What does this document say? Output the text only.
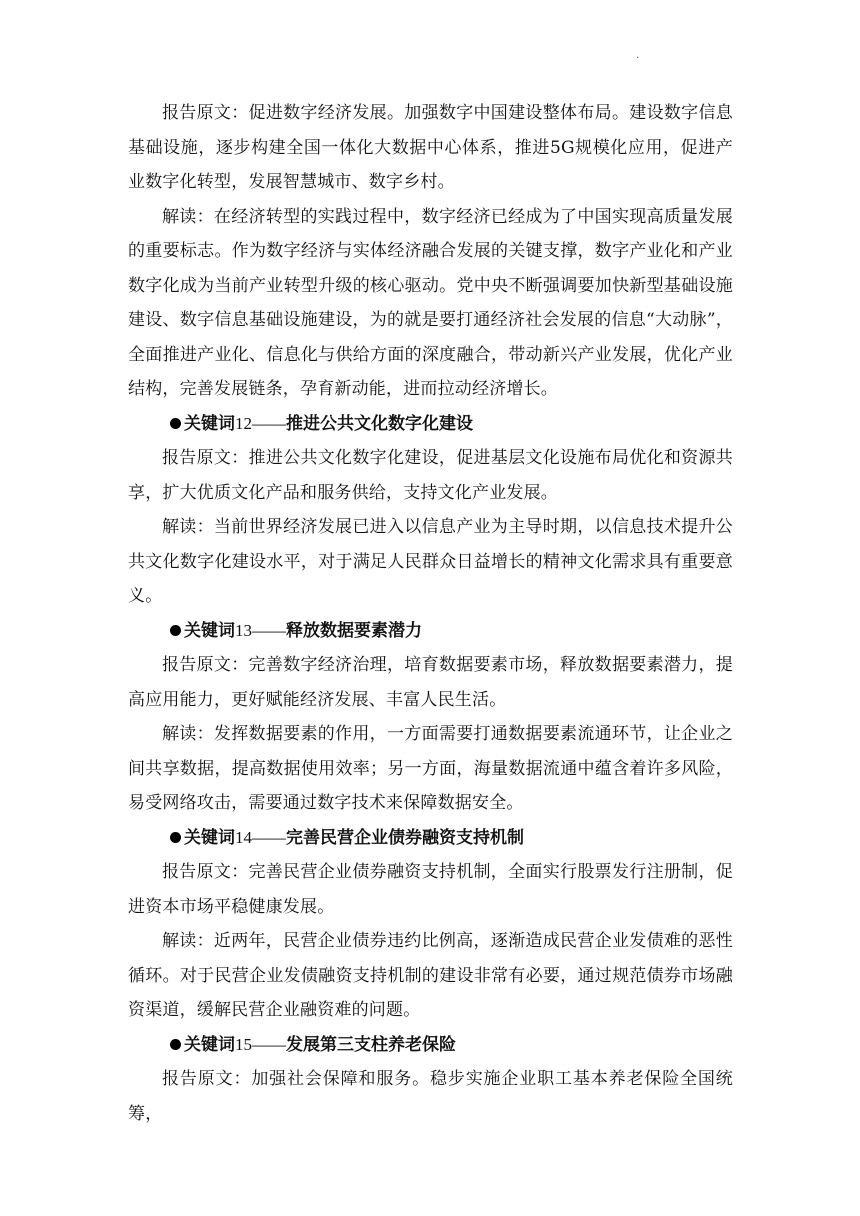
·

报告原文：促进数字经济发展。加强数字中国建设整体布局。建设数字信息基础设施，逐步构建全国一体化大数据中心体系，推进5G规模化应用，促进产业数字化转型，发展智慧城市、数字乡村。

解读：在经济转型的实践过程中，数字经济已经成为了中国实现高质量发展的重要标志。作为数字经济与实体经济融合发展的关键支撑，数字产业化和产业数字化成为当前产业转型升级的核心驱动。党中央不断强调要加快新型基础设施建设、数字信息基础设施建设，为的就是要打通经济社会发展的信息“大动脉”，全面推进产业化、信息化与供给方面的深度融合，带动新兴产业发展，优化产业结构，完善发展链条，孕育新动能，进而拉动经济增长。

关键词 12 —— 推进公共文化数字化建设

报告原文：推进公共文化数字化建设，促进基层文化设施布局优化和资源共享，扩大优质文化产品和服务供给，支持文化产业发展。

解读：当前世界经济发展已进入以信息产业为主导时期，以信息技术提升公共文化数字化建设水平，对于满足人民群众日益增长的精神文化需求具有重要意义。

关键词 13 —— 释放数据要素潜力

报告原文：完善数字经济治理，培育数据要素市场，释放数据要素潜力，提高应用能力，更好赋能经济发展、丰富人民生活。

解读：发挥数据要素的作用，一方面需要打通数据要素流通环节，让企业之间共享数据，提高数据使用效率；另一方面，海量数据流通中蕴含着许多风险，易受网络攻击，需要通过数字技术来保障数据安全。

关键词 14 —— 完善民营企业债券融资支持机制

报告原文：完善民营企业债券融资支持机制，全面实行股票发行注册制，促进资本市场平稳健康发展。

解读：近两年，民营企业债券违约比例高，逐渐造成民营企业发债难的恶性循环。对于民营企业发债融资支持机制的建设非常有必要，通过规范债券市场融资渠道，缓解民营企业融资难的问题。

关键词 15 —— 发展第三支柱养老保险

报告原文：加强社会保障和服务。稳步实施企业职工基本养老保险全国统筹，
